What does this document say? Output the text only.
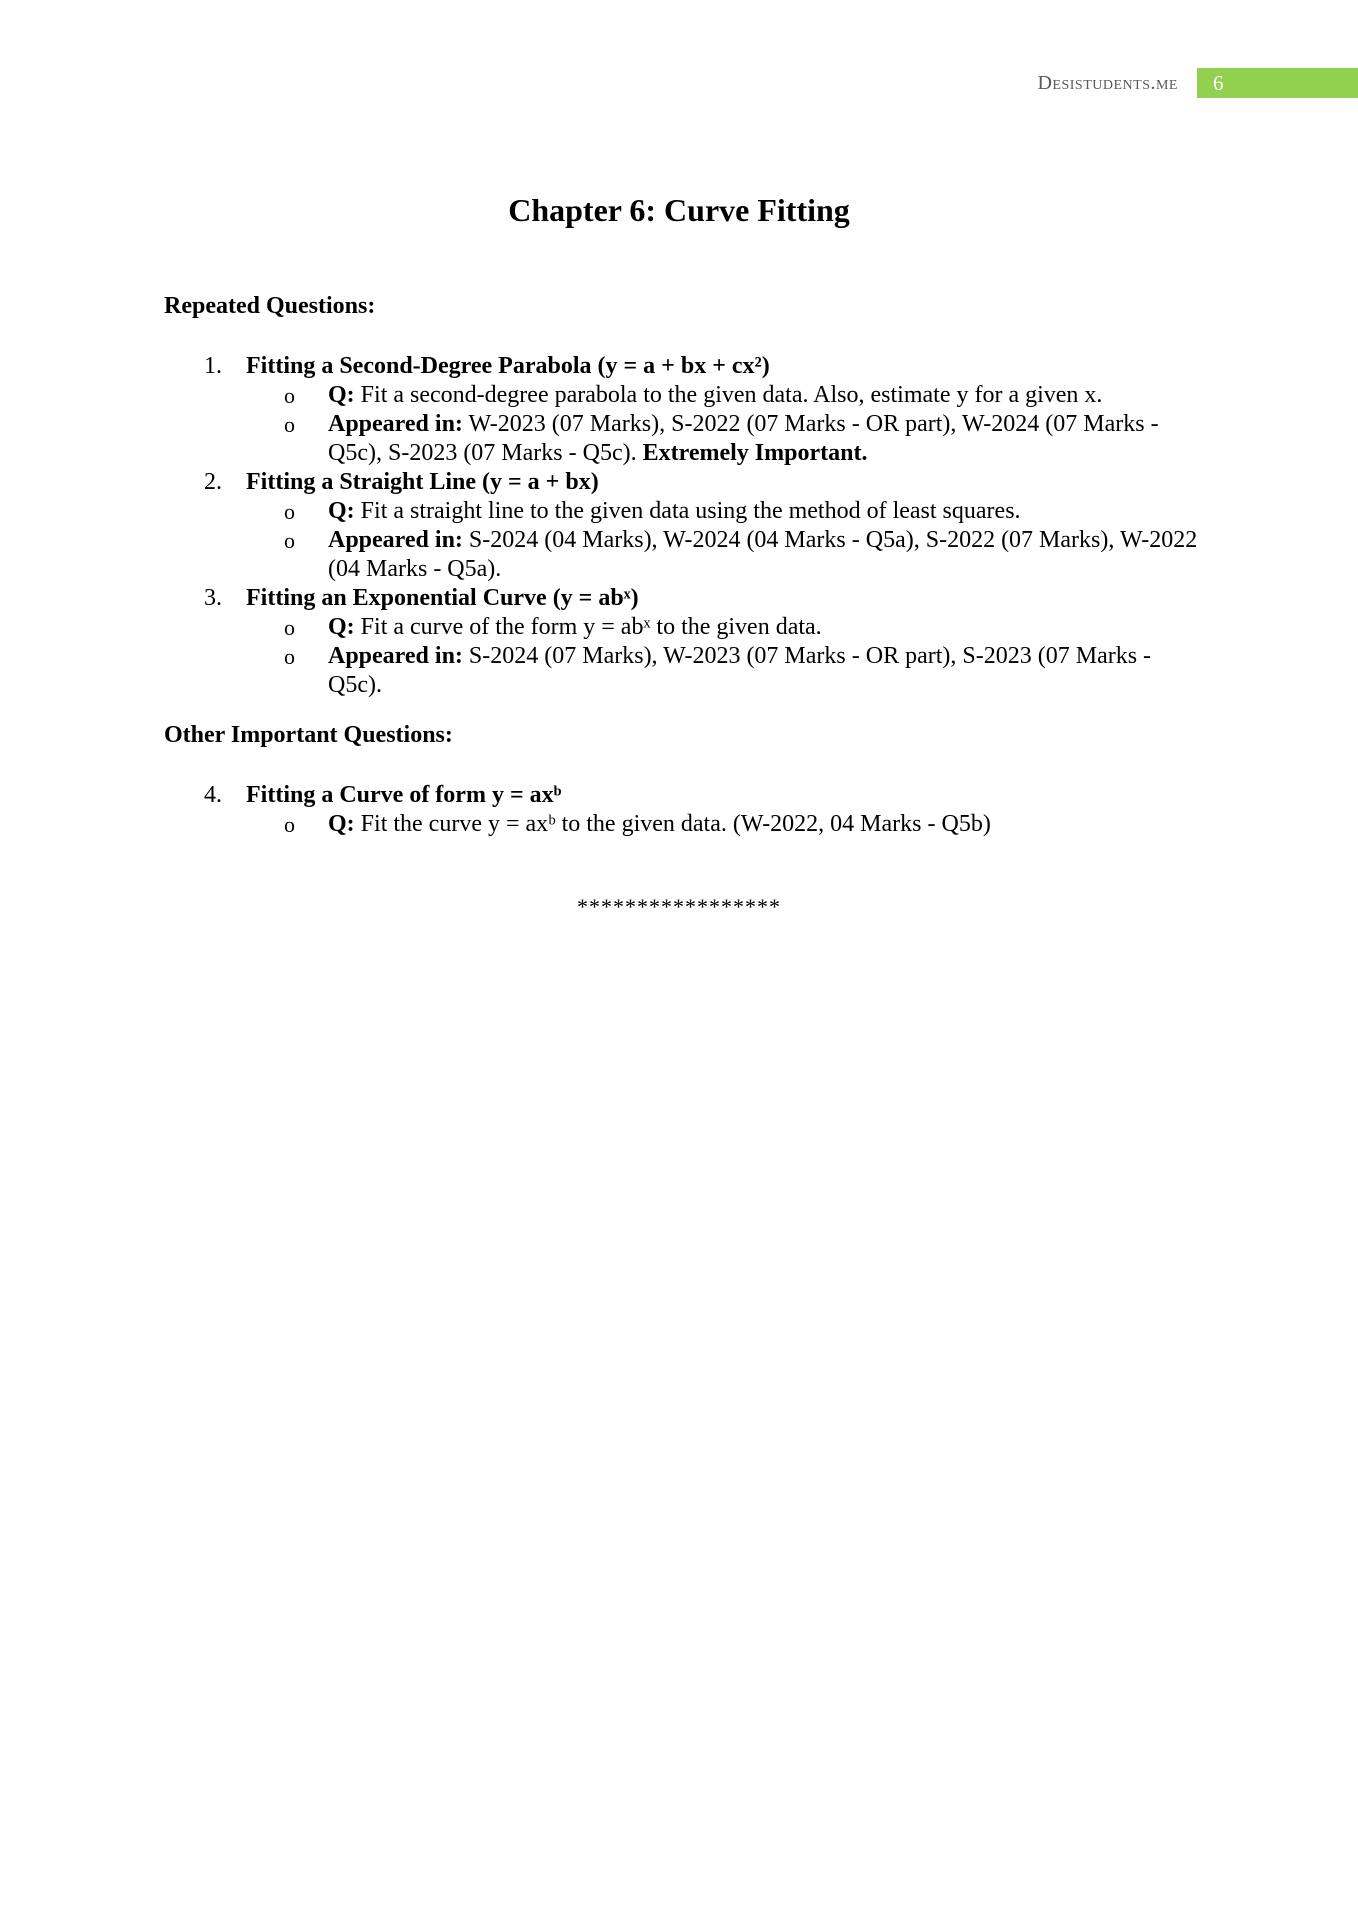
Desistudents.me 6
Chapter 6: Curve Fitting
Repeated Questions:
1. Fitting a Second-Degree Parabola (y = a + bx + cx²)
o Q: Fit a second-degree parabola to the given data. Also, estimate y for a given x.
o Appeared in: W-2023 (07 Marks), S-2022 (07 Marks - OR part), W-2024 (07 Marks - Q5c), S-2023 (07 Marks - Q5c). Extremely Important.
2. Fitting a Straight Line (y = a + bx)
o Q: Fit a straight line to the given data using the method of least squares.
o Appeared in: S-2024 (04 Marks), W-2024 (04 Marks - Q5a), S-2022 (07 Marks), W-2022 (04 Marks - Q5a).
3. Fitting an Exponential Curve (y = abˣ)
o Q: Fit a curve of the form y = abˣ to the given data.
o Appeared in: S-2024 (07 Marks), W-2023 (07 Marks - OR part), S-2023 (07 Marks - Q5c).
Other Important Questions:
4. Fitting a Curve of form y = axᵇ
o Q: Fit the curve y = axᵇ to the given data. (W-2022, 04 Marks - Q5b)
*****************
